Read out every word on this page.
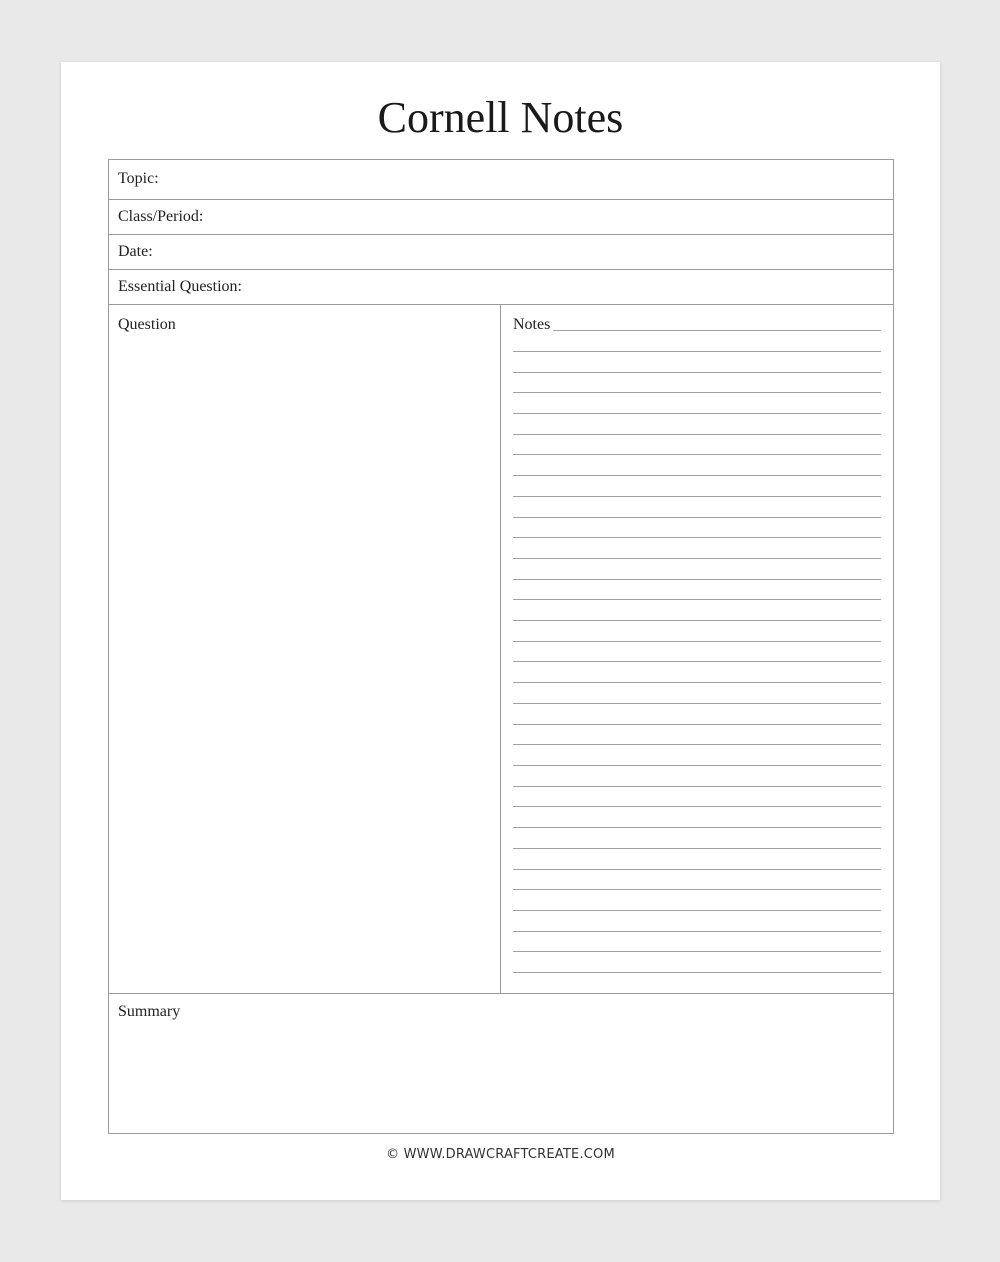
Cornell Notes
Topic:
Class/Period:
Date:
Essential Question:
Question	Notes
Summary
© WWW.DRAWCRAFTCREATE.COM
